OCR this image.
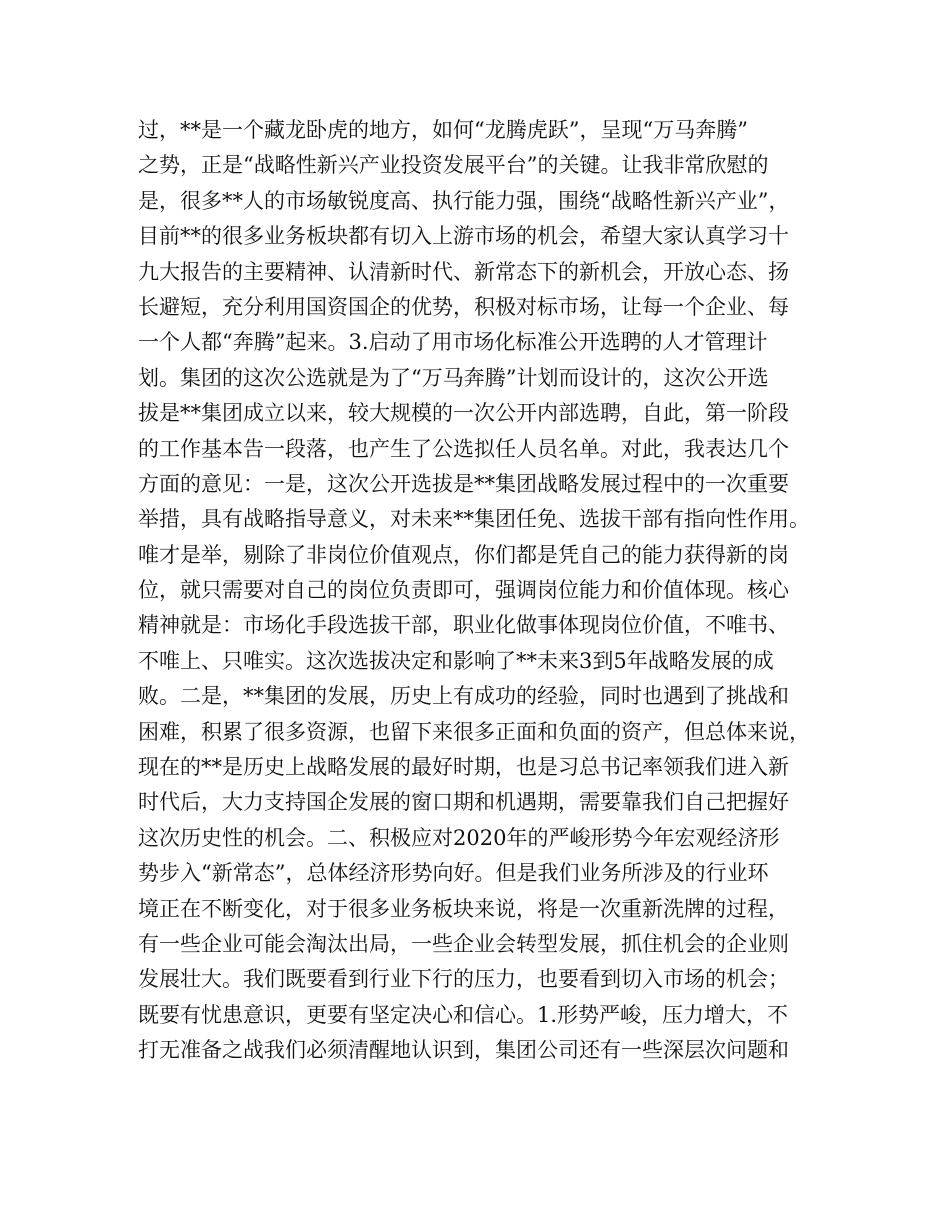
过，**是一个藏龙卧虎的地方，如何“龙腾虎跃”，呈现“万马奔腾”
之势，正是“战略性新兴产业投资发展平台”的关键。让我非常欣慰的
是，很多**人的市场敏锐度高、执行能力强，围绕“战略性新兴产业”，
目前**的很多业务板块都有切入上游市场的机会，希望大家认真学习十
九大报告的主要精神、认清新时代、新常态下的新机会，开放心态、扬
长避短，充分利用国资国企的优势，积极对标市场，让每一个企业、每
一个人都“奔腾”起来。3.启动了用市场化标准公开选聘的人才管理计
划。集团的这次公选就是为了“万马奔腾”计划而设计的，这次公开选
拔是**集团成立以来，较大规模的一次公开内部选聘，自此，第一阶段
的工作基本告一段落，也产生了公选拟任人员名单。对此，我表达几个
方面的意见：一是，这次公开选拔是**集团战略发展过程中的一次重要
举措，具有战略指导意义，对未来**集团任免、选拔干部有指向性作用。
唯才是举，剔除了非岗位价值观点，你们都是凭自己的能力获得新的岗
位，就只需要对自己的岗位负责即可，强调岗位能力和价值体现。核心
精神就是：市场化手段选拔干部，职业化做事体现岗位价值，不唯书、
不唯上、只唯实。这次选拔决定和影响了**未来3到5年战略发展的成
败。二是，**集团的发展，历史上有成功的经验，同时也遇到了挑战和
困难，积累了很多资源，也留下来很多正面和负面的资产，但总体来说，
现在的**是历史上战略发展的最好时期，也是习总书记率领我们进入新
时代后，大力支持国企发展的窗口期和机遇期，需要靠我们自己把握好
这次历史性的机会。二、积极应对2020年的严峻形势今年宏观经济形
势步入“新常态”，总体经济形势向好。但是我们业务所涉及的行业环
境正在不断变化，对于很多业务板块来说，将是一次重新洗牌的过程，
有一些企业可能会淘汰出局，一些企业会转型发展，抓住机会的企业则
发展壮大。我们既要看到行业下行的压力，也要看到切入市场的机会；
既要有忧患意识，更要有坚定决心和信心。1.形势严峻，压力增大，不
打无准备之战我们必须清醒地认识到，集团公司还有一些深层次问题和
